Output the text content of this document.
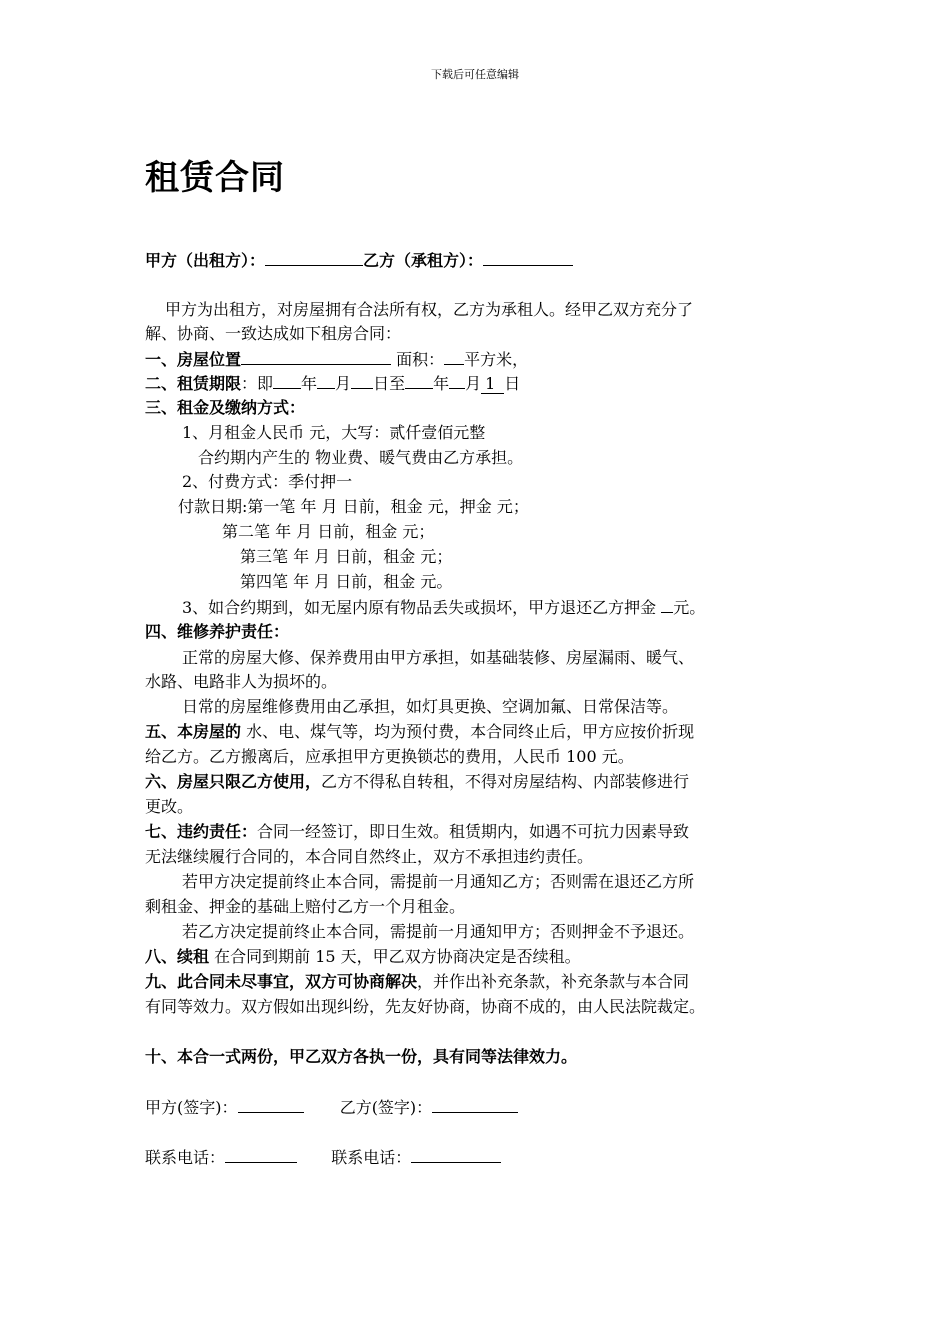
下载后可任意编辑
租赁合同
甲方（出租方）：	乙方（承租方）：
甲方为出租方，对房屋拥有合法所有权，乙方为承租人。经甲乙双方充分了
解、协商、一致达成如下租房合同：
一、房屋位置	面积： 平方米，
二、租赁期限：即 年 月 日至 年 月 1 日
三、租金及缴纳方式：
1、月租金人民币 元，大写：贰仟壹佰元整
合约期内产生的 物业费、暖气费由乙方承担。
2、付费方式：季付押一
付款日期:第一笔 年 月 日前，租金 元，押金 元；
第二笔 年 月 日前，租金 元；
第三笔 年 月 日前，租金 元；
第四笔 年 月 日前，租金 元。
3、如合约期到，如无屋内原有物品丢失或损坏，甲方退还乙方押金 元。
四、维修养护责任：
正常的房屋大修、保养费用由甲方承担，如基础装修、房屋漏雨、暖气、
水路、电路非人为损坏的。
日常的房屋维修费用由乙承担，如灯具更换、空调加氟、日常保洁等。
五、本房屋的 水、电、煤气等，均为预付费，本合同终止后，甲方应按价折现
给乙方。乙方搬离后，应承担甲方更换锁芯的费用，人民币 100 元。
六、房屋只限乙方使用，乙方不得私自转租，不得对房屋结构、内部装修进行
更改。
七、违约责任：合同一经签订，即日生效。租赁期内，如遇不可抗力因素导致
无法继续履行合同的，本合同自然终止，双方不承担违约责任。
若甲方决定提前终止本合同，需提前一月通知乙方；否则需在退还乙方所
剩租金、押金的基础上赔付乙方一个月租金。
若乙方决定提前终止本合同，需提前一月通知甲方；否则押金不予退还。
八、续租 在合同到期前 15 天，甲乙双方协商决定是否续租。
九、此合同未尽事宜，双方可协商解决，并作出补充条款，补充条款与本合同
有同等效力。双方假如出现纠纷，先友好协商，协商不成的，由人民法院裁定。
十、本合一式两份，甲乙双方各执一份，具有同等法律效力。
甲方(签字)：	乙方(签字)：
联系电话：	联系电话：
